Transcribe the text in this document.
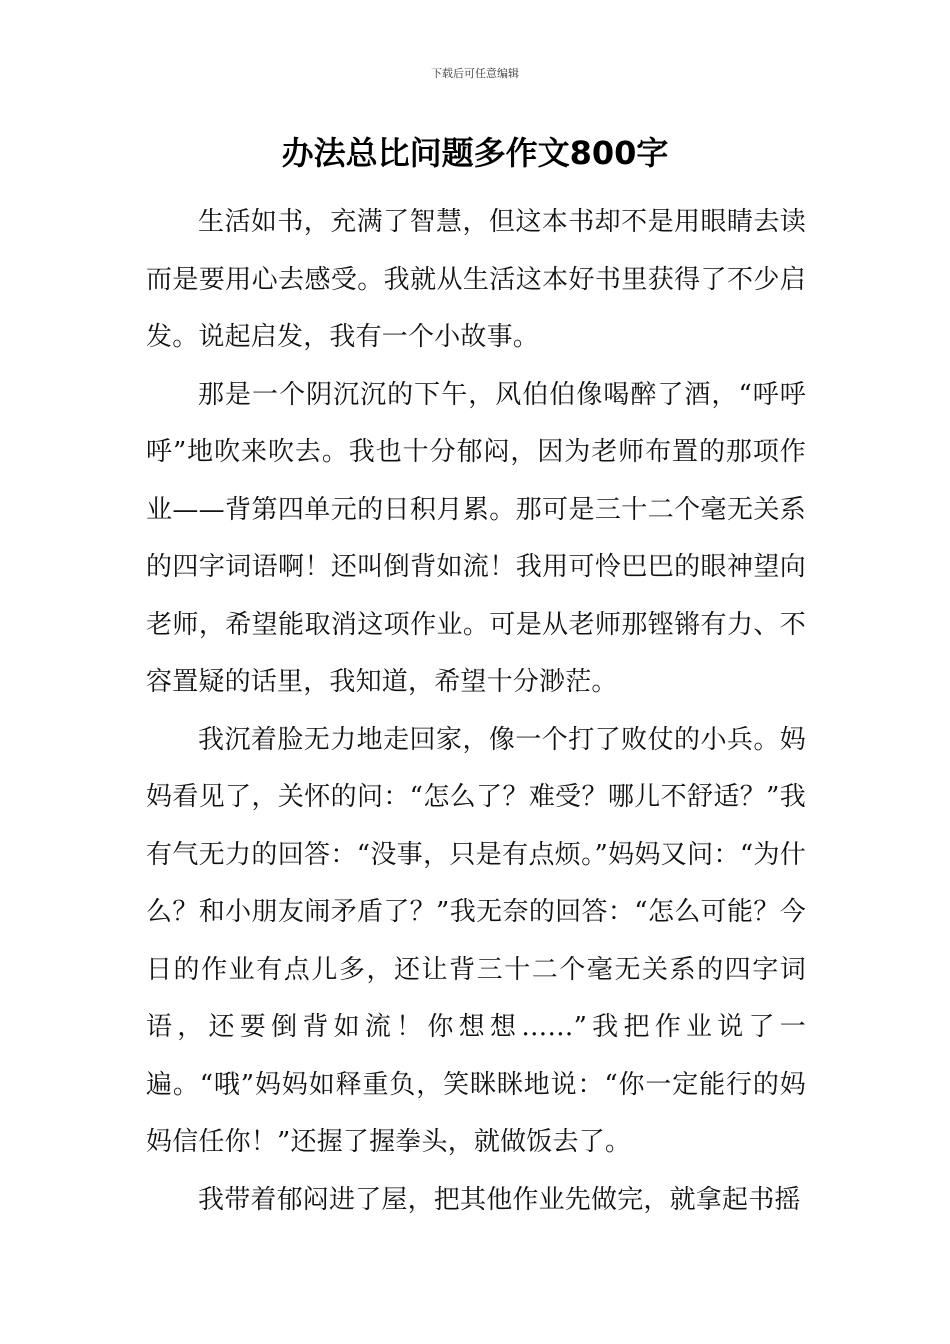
下载后可任意编辑
办法总比问题多作文800字

生活如书，充满了智慧，但这本书却不是用眼睛去读而是要用心去感受。我就从生活这本好书里获得了不少启发。说起启发，我有一个小故事。

那是一个阴沉沉的下午，风伯伯像喝醉了酒，“呼呼呼”地吹来吹去。我也十分郁闷，因为老师布置的那项作业——背第四单元的日积月累。那可是三十二个毫无关系的四字词语啊！还叫倒背如流！我用可怜巴巴的眼神望向老师，希望能取消这项作业。可是从老师那铿锵有力、不容置疑的话里，我知道，希望十分渺茫。

我沉着脸无力地走回家，像一个打了败仗的小兵。妈妈看见了，关怀的问：“怎么了？难受？哪儿不舒适？”我有气无力的回答：“没事，只是有点烦。”妈妈又问：“为什么？和小朋友闹矛盾了？”我无奈的回答：“怎么可能？今日的作业有点儿多，还让背三十二个毫无关系的四字词语，还要倒背如流！你想想……”我把作业说了一遍。“哦”妈妈如释重负，笑眯眯地说：“你一定能行的妈妈信任你！”还握了握拳头，就做饭去了。

我带着郁闷进了屋，把其他作业先做完，就拿起书摇
